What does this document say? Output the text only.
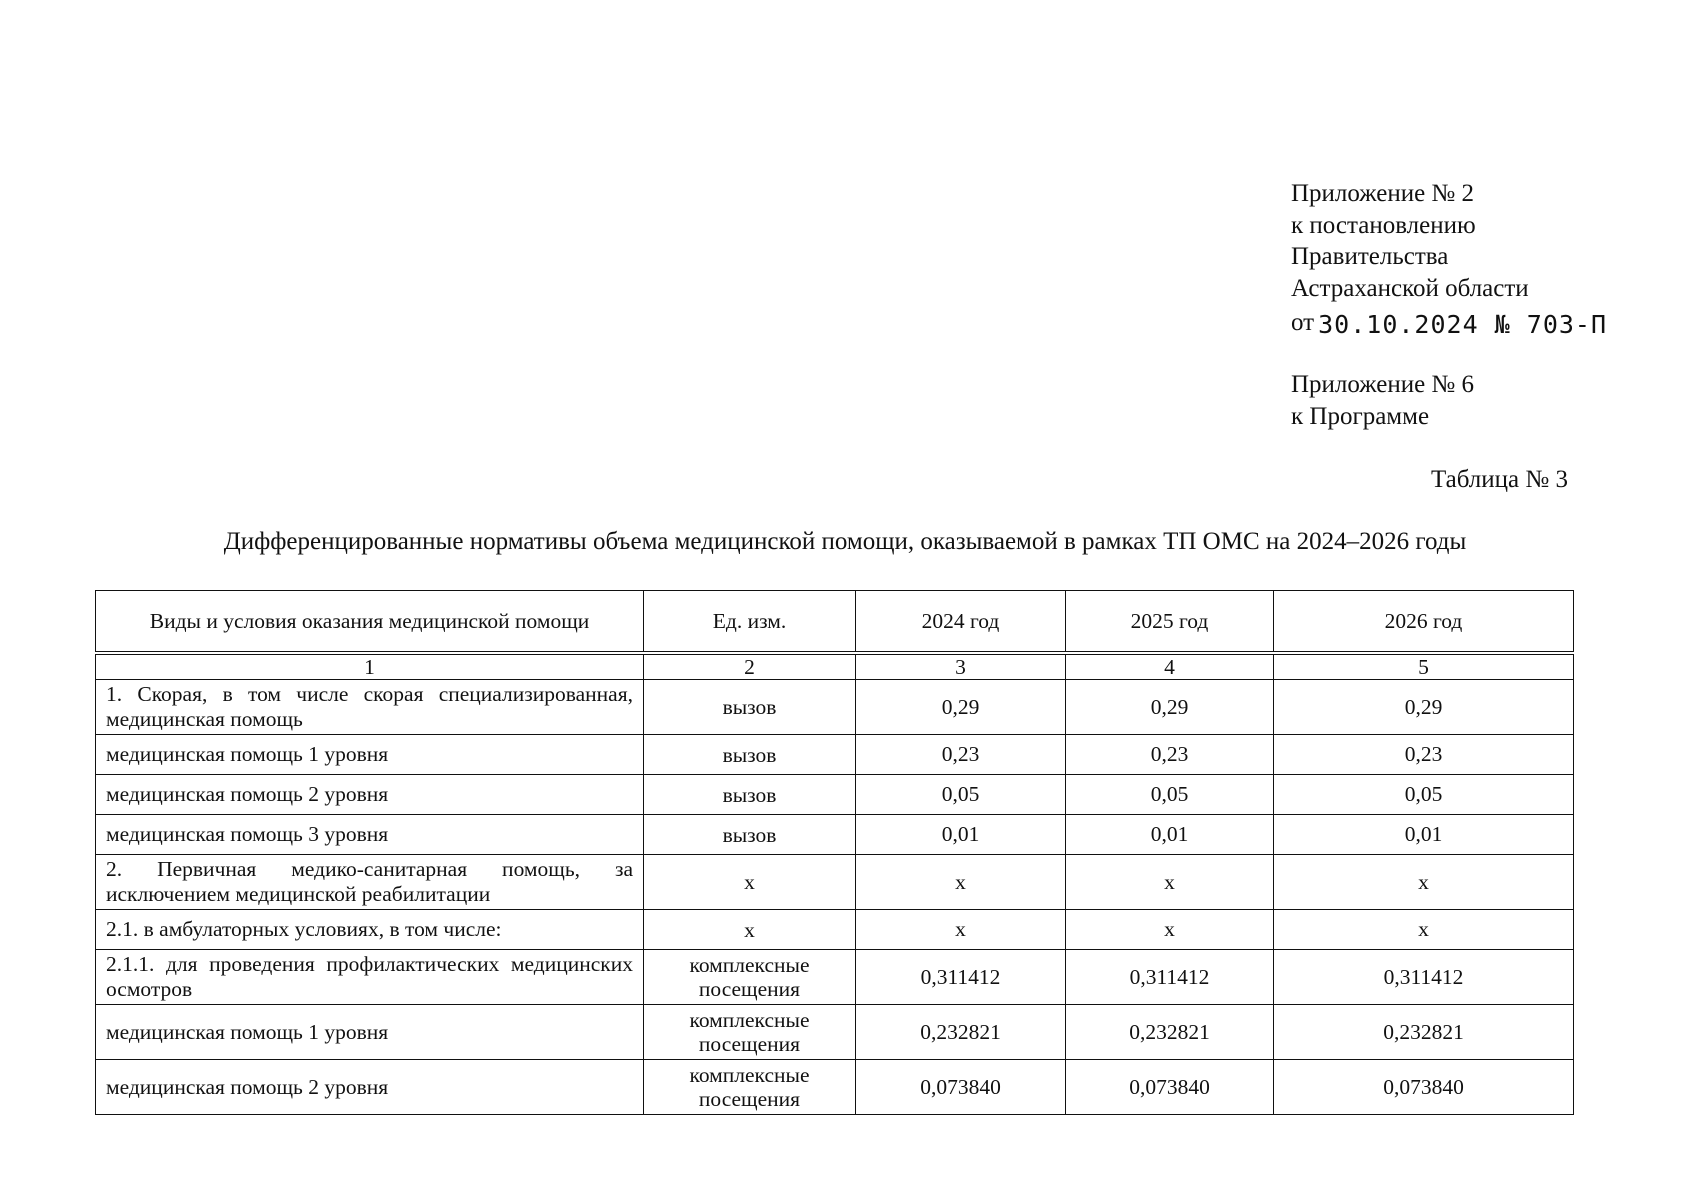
Приложение № 2
к постановлению
Правительства
Астраханской области
от 30.10.2024 № 703-П
Приложение № 6
к Программе
Таблица № 3
Дифференцированные нормативы объема медицинской помощи, оказываемой в рамках ТП ОМС на 2024–2026 годы
Виды и условия оказания медицинской помощи	Ед. изм.	2024 год	2025 год	2026 год
1	2	3	4	5
1. Скорая, в том числе скорая специализированная, медицинская помощь	вызов	0,29	0,29	0,29
медицинская помощь 1 уровня	вызов	0,23	0,23	0,23
медицинская помощь 2 уровня	вызов	0,05	0,05	0,05
медицинская помощь 3 уровня	вызов	0,01	0,01	0,01
2. Первичная медико-санитарная помощь, за исключением медицинской реабилитации	х	х	х	х
2.1. в амбулаторных условиях, в том числе:	х	х	х	х
2.1.1. для проведения профилактических медицинских осмотров	комплексные посещения	0,311412	0,311412	0,311412
медицинская помощь 1 уровня	комплексные посещения	0,232821	0,232821	0,232821
медицинская помощь 2 уровня	комплексные посещения	0,073840	0,073840	0,073840
